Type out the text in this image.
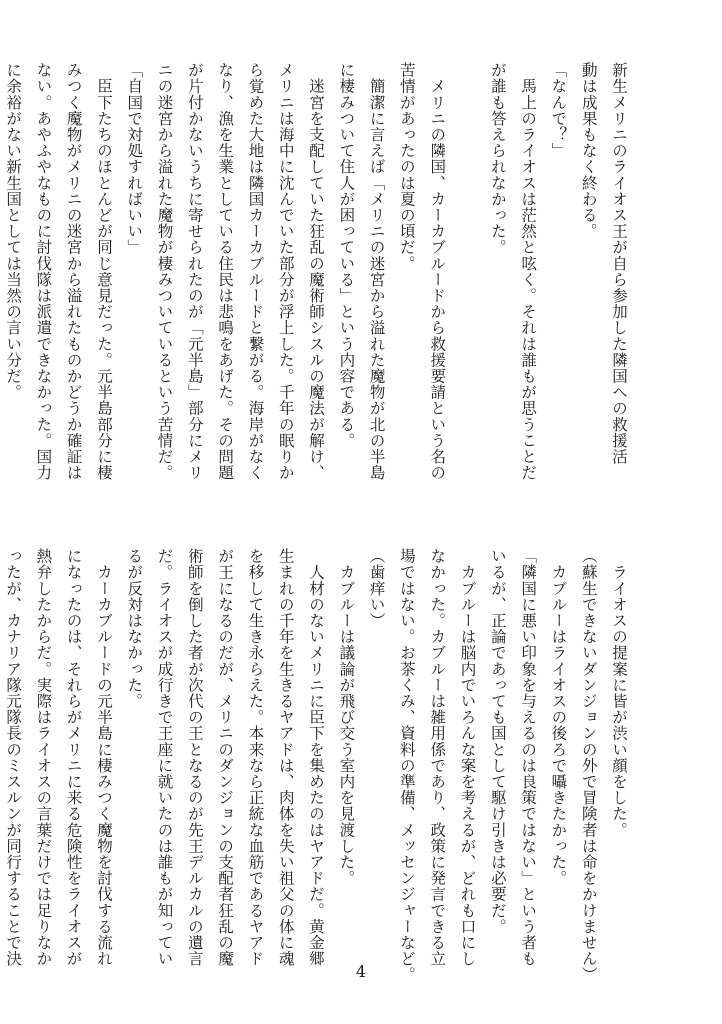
新生メリニのライオス王が自ら参加した隣国への救援活

動は成果もなく終わる。

「なんで？」

　馬上のライオスは茫然と呟く。それは誰もが思うことだ

が誰も答えられなかった。

　メリニの隣国、カーカブルードから救援要請という名の

苦情があったのは夏の頃だ。

　簡潔に言えば「メリニの迷宮から溢れた魔物が北の半島

に棲みついて住人が困っている」という内容である。

　迷宮を支配していた狂乱の魔術師シスルの魔法が解け、

メリニは海中に沈んでいた部分が浮上した。千年の眠りか

ら覚めた大地は隣国カーカブルードと繋がる。海岸がなく

なり、漁を生業としている住民は悲鳴をあげた。その問題

が片付かないうちに寄せられたのが「元半島」部分にメリ

ニの迷宮から溢れた魔物が棲みついているという苦情だ。

「自国で対処すればいい」

　臣下たちのほとんどが同じ意見だった。元半島部分に棲

みつく魔物がメリニの迷宮から溢れたものかどうか確証は

ない。あやふやなものに討伐隊は派遣できなかった。国力

に余裕がない新生国としては当然の言い分だ。

　ライオスの提案に皆が渋い顔をした。

（蘇生できないダンジョンの外で冒険者は命をかけません）

　カブルーはライオスの後ろで囁きたかった。

「隣国に悪い印象を与えるのは良策ではない」という者も

いるが、正論であっても国として駆け引きは必要だ。

　カブルーは脳内でいろんな案を考えるが、どれも口にし

なかった。カブルーは雑用係であり、政策に発言できる立

場ではない。お茶くみ、資料の準備、メッセンジャーなど。

（歯痒い）

　カブルーは議論が飛び交う室内を見渡した。

　人材のないメリニに臣下を集めたのはヤアドだ。黄金郷

生まれの千年を生きるヤアドは、肉体を失い祖父の体に魂

を移して生き永らえた。本来なら正統な血筋であるヤアド

が王になるのだが、メリニのダンジョンの支配者狂乱の魔

術師を倒した者が次代の王となるのが先王デルカルの遺言

だ。ライオスが成行きで王座に就いたのは誰もが知ってい

るが反対はなかった。

　カーカブルードの元半島に棲みつく魔物を討伐する流れ

になったのは、それらがメリニに来る危険性をライオスが

熱弁したからだ。実際はライオスの言葉だけでは足りなか

ったが、カナリア隊元隊長のミスルンが同行することで決

4
